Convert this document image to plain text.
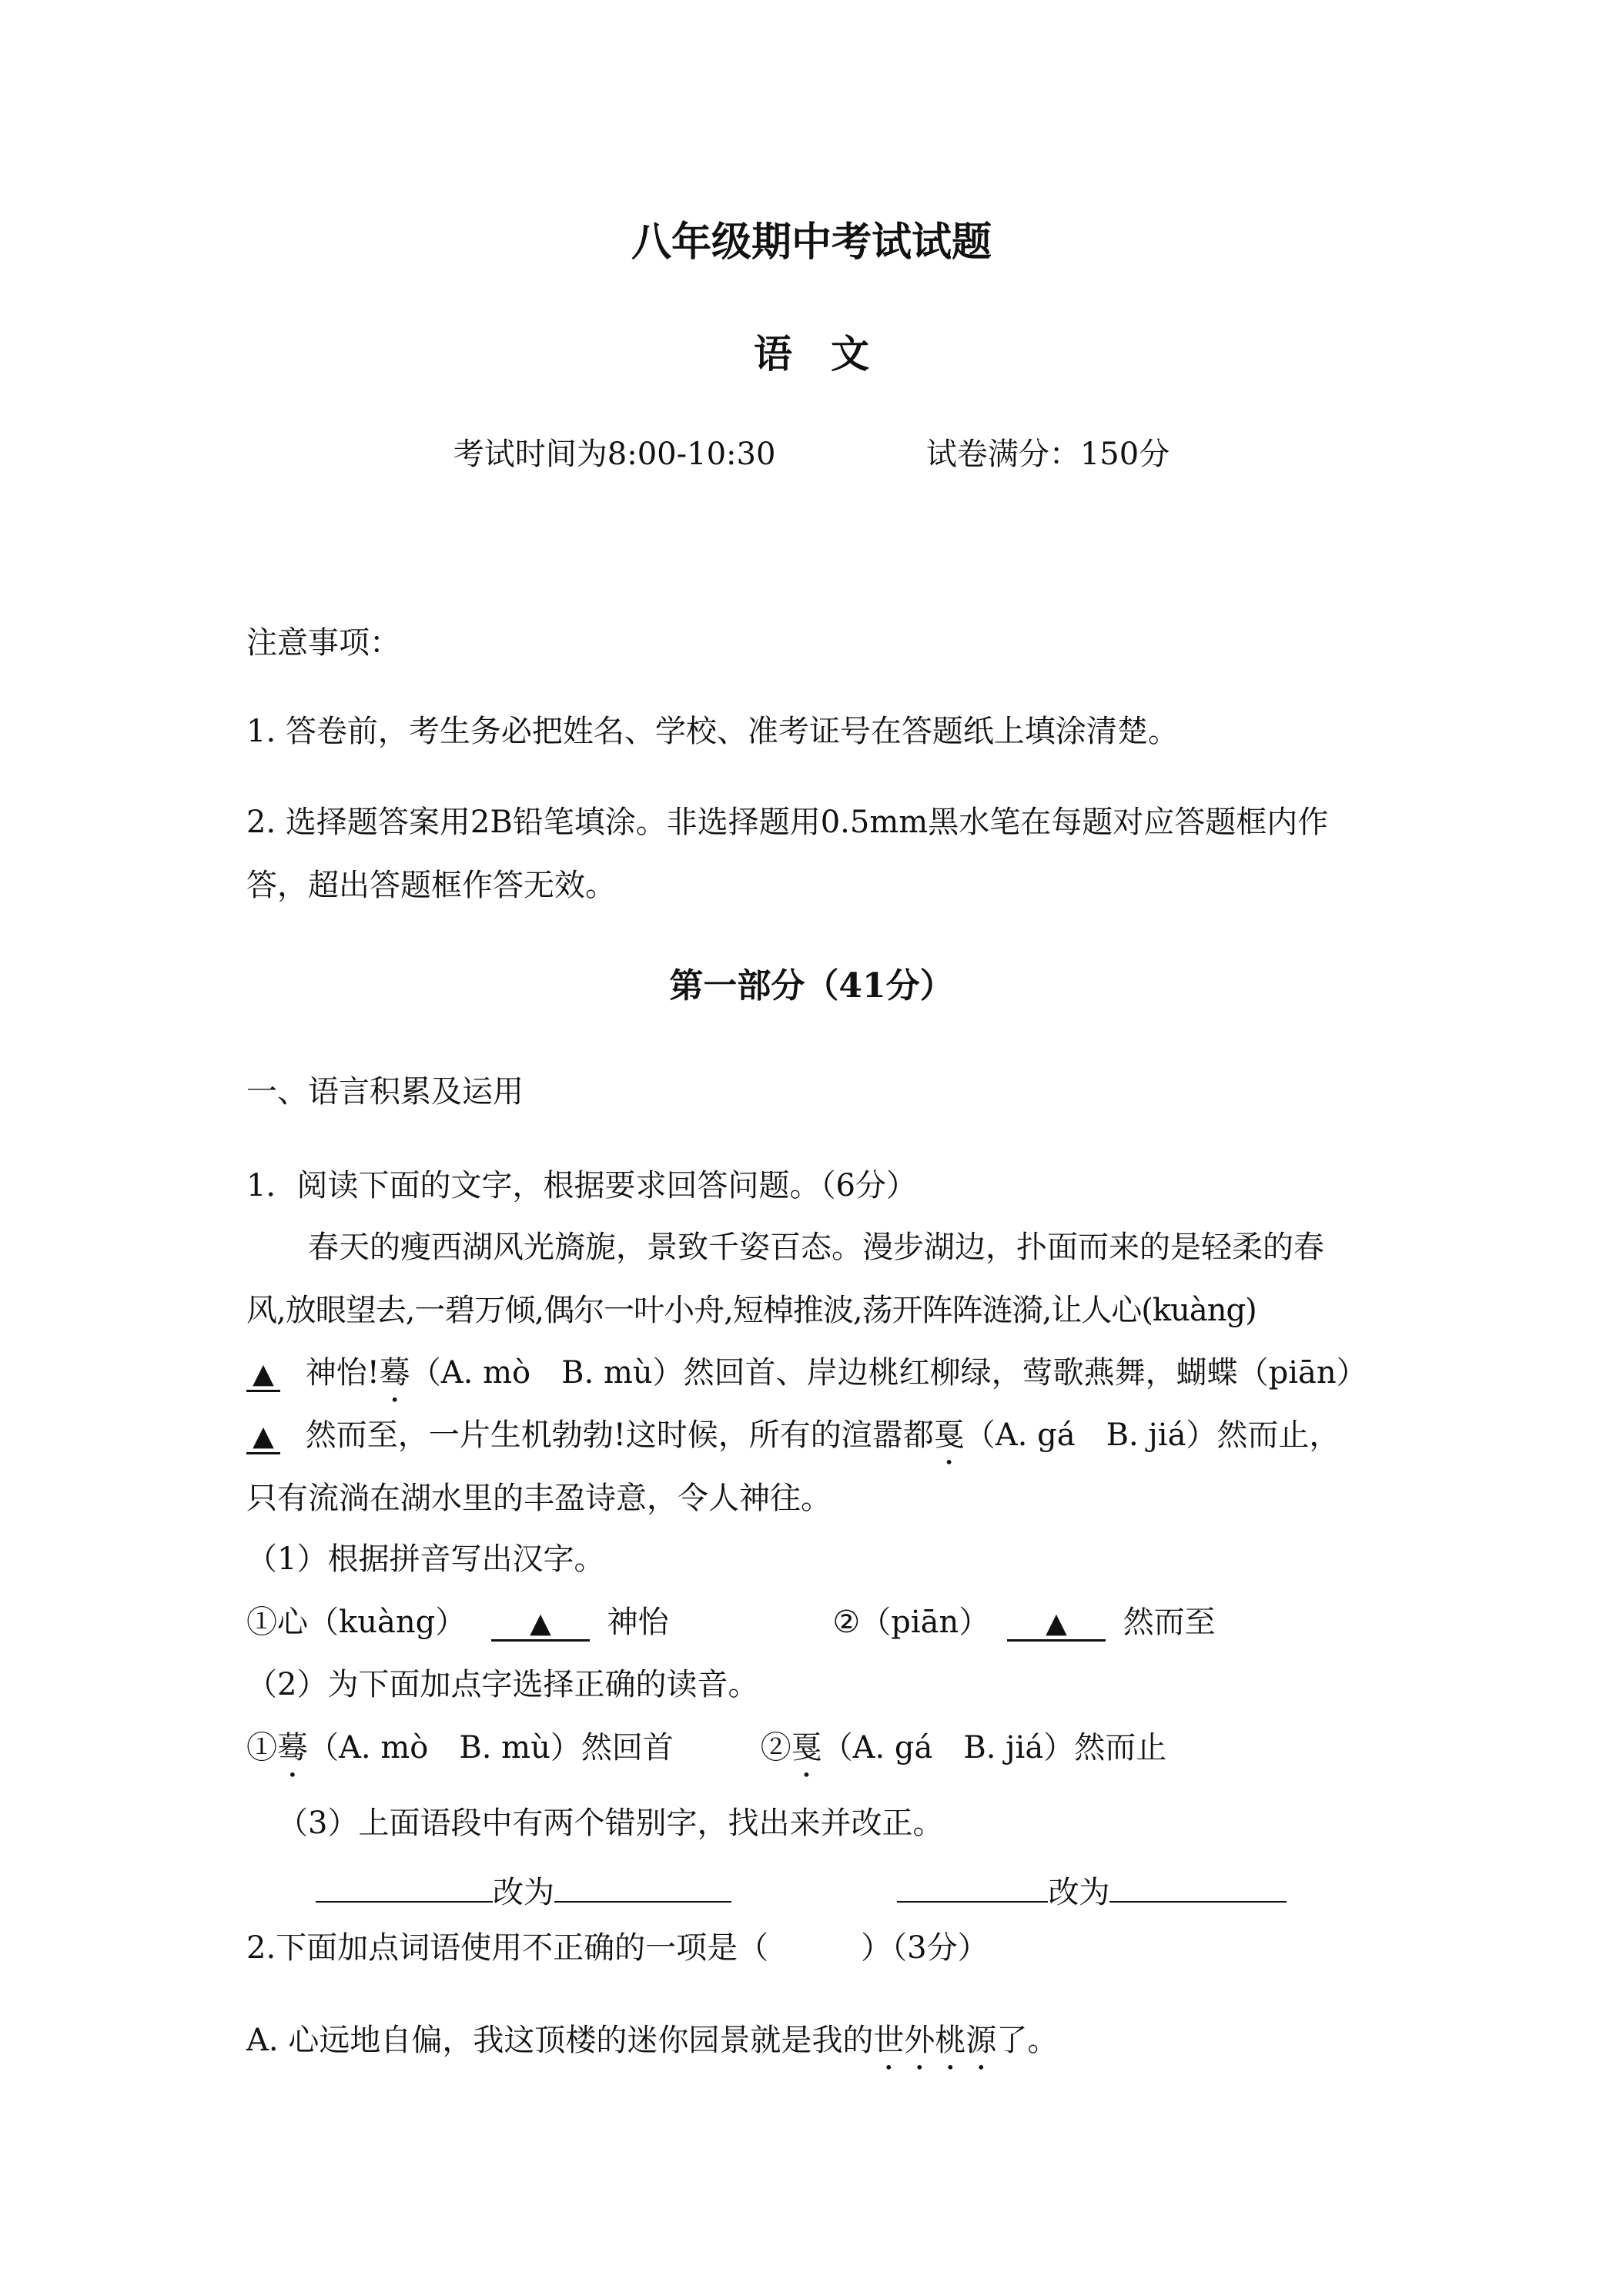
八年级期中考试试题
语　文
考试时间为8:00-10:30	试卷满分：150分
注意事项：
1. 答卷前，考生务必把姓名、学校、准考证号在答题纸上填涂清楚。
2. 选择题答案用2B铅笔填涂。非选择题用0.5mm黑水笔在每题对应答题框内作
答，超出答题框作答无效。
第一部分（41分）
一、语言积累及运用
1．阅读下面的文字，根据要求回答问题。（6分）
　　春天的瘦西湖风光旖旎，景致千姿百态。漫步湖边，扑面而来的是轻柔的春
风,放眼望去,一碧万倾,偶尔一叶小舟,短棹推波,荡开阵阵涟漪,让人心(kuàng)
▲ 神怡!蓦（A. mò　B. mù）然回首、岸边桃红柳绿，莺歌燕舞，蝴蝶（piān）
▲ 然而至，一片生机勃勃!这时候，所有的渲嚣都戛（A. gá　B. jiá）然而止，
只有流淌在湖水里的丰盈诗意，令人神往。
（1）根据拼音写出汉字。
①心（kuàng） ▲ 神怡	②（piān） ▲ 然而至
（2）为下面加点字选择正确的读音。
①蓦（A. mò　B. mù）然回首	②戛（A. gá　B. jiá）然而止
（3）上面语段中有两个错别字，找出来并改正。
改为	改为
2.下面加点词语使用不正确的一项是（　　　）（3分）
A. 心远地自偏，我这顶楼的迷你园景就是我的世外桃源了。
